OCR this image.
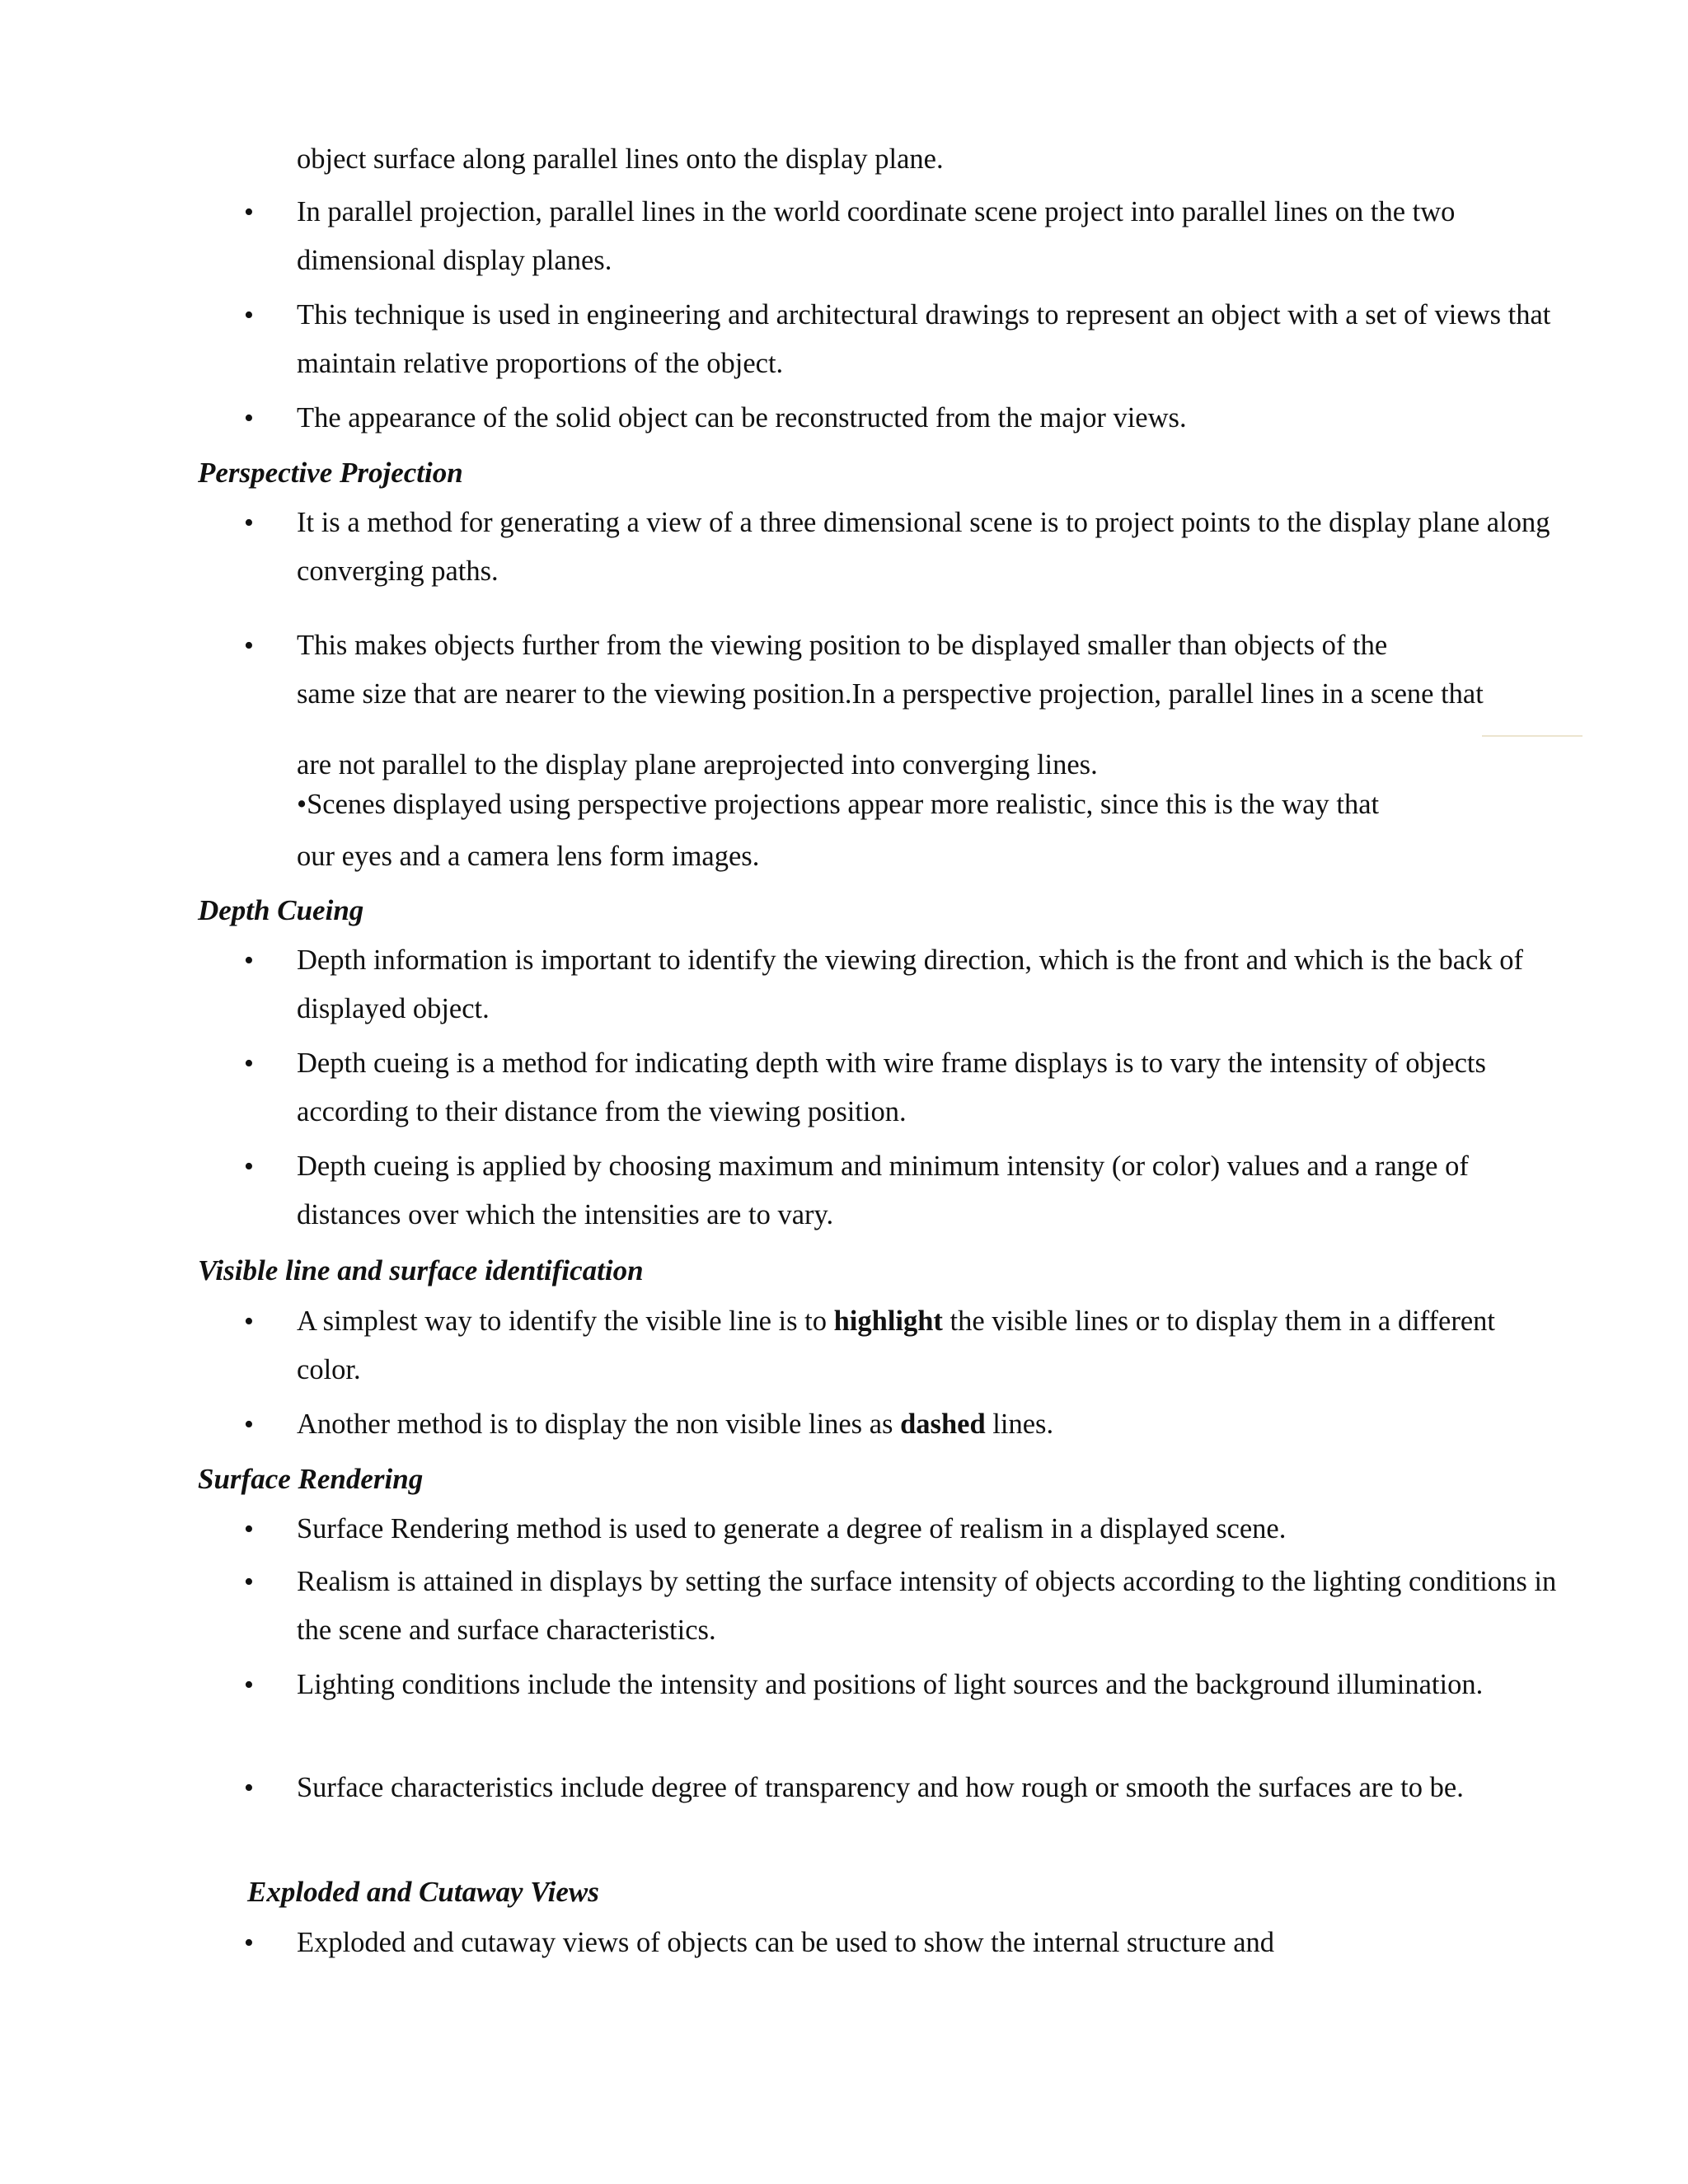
object surface along parallel lines onto the display plane.
• In parallel projection, parallel lines in the world coordinate scene project into parallel lines on the two dimensional display planes.
• This technique is used in engineering and architectural drawings to represent an object with a set of views that maintain relative proportions of the object.
• The appearance of the solid object can be reconstructed from the major views.
Perspective Projection
• It is a method for generating a view of a three dimensional scene is to project points to the display plane along converging paths.
• This makes objects further from the viewing position to be displayed smaller than objects of the
same size that are nearer to the viewing position.In a perspective projection, parallel lines in a scene that
are not parallel to the display plane areprojected into converging lines.
•Scenes displayed using perspective projections appear more realistic, since this is the way that
our eyes and a camera lens form images.
Depth Cueing
• Depth information is important to identify the viewing direction, which is the front and which is the back of displayed object.
• Depth cueing is a method for indicating depth with wire frame displays is to vary the intensity of objects according to their distance from the viewing position.
• Depth cueing is applied by choosing maximum and minimum intensity (or color) values and a range of distances over which the intensities are to vary.
Visible line and surface identification
• A simplest way to identify the visible line is to highlight the visible lines or to display them in a different color.
• Another method is to display the non visible lines as dashed lines.
Surface Rendering
• Surface Rendering method is used to generate a degree of realism in a displayed scene.
• Realism is attained in displays by setting the surface intensity of objects according to the lighting conditions in the scene and surface characteristics.
• Lighting conditions include the intensity and positions of light sources and the background illumination.
• Surface characteristics include degree of transparency and how rough or smooth the surfaces are to be.
Exploded and Cutaway Views
• Exploded and cutaway views of objects can be used to show the internal structure and
